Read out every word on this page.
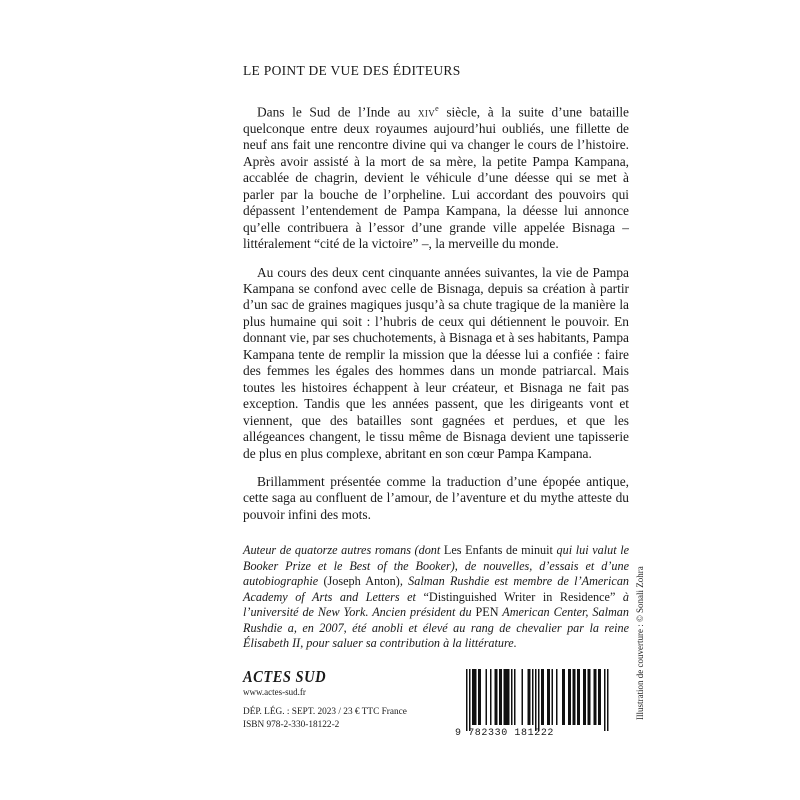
LE POINT DE VUE DES ÉDITEURS

Dans le Sud de l’Inde au xiv$^e$ siècle, à la suite d’une bataille quelconque entre deux royaumes aujourd’hui oubliés, une fillette de neuf ans fait une rencontre divine qui va changer le cours de l’histoire. Après avoir assisté à la mort de sa mère, la petite Pampa Kampana, accablée de chagrin, devient le véhicule d’une déesse qui se met à parler par la bouche de l’orpheline. Lui accordant des pouvoirs qui dépassent l’entendement de Pampa Kampana, la déesse lui annonce qu’elle contribuera à l’essor d’une grande ville appelée Bisnaga – littéralement “cité de la victoire” –, la merveille du monde.

Au cours des deux cent cinquante années suivantes, la vie de Pampa Kampana se confond avec celle de Bisnaga, depuis sa création à partir d’un sac de graines magiques jusqu’à sa chute tragique de la manière la plus humaine qui soit : l’hubris de ceux qui détiennent le pouvoir. En donnant vie, par ses chuchotements, à Bisnaga et à ses habitants, Pampa Kampana tente de remplir la mission que la déesse lui a confiée : faire des femmes les égales des hommes dans un monde patriarcal. Mais toutes les histoires échappent à leur créateur, et Bisnaga ne fait pas exception. Tandis que les années passent, que les dirigeants vont et viennent, que des batailles sont gagnées et perdues, et que les allégeances changent, le tissu même de Bisnaga devient une tapisserie de plus en plus complexe, abritant en son cœur Pampa Kampana.

Brillamment présentée comme la traduction d’une épopée antique, cette saga au confluent de l’amour, de l’aventure et du mythe atteste du pouvoir infini des mots.

Auteur de quatorze autres romans (dont Les Enfants de minuit qui lui valut le Booker Prize et le Best of the Booker), de nouvelles, d’essais et d’une autobiographie (Joseph Anton), Salman Rushdie est membre de l’American Academy of Arts and Letters et “Distinguished Writer in Residence” à l’université de New York. Ancien président du PEN American Center, Salman Rushdie a, en 2007, été anobli et élevé au rang de chevalier par la reine Élisabeth II, pour saluer sa contribution à la littérature.
ACTES SUD
www.actes-sud.fr
DÉP. LÉG. : SEPT. 2023 / 23 € TTC France
ISBN 978-2-330-18122-2
9 782330 181222
Illustration de couverture : © Sonali Zohra
